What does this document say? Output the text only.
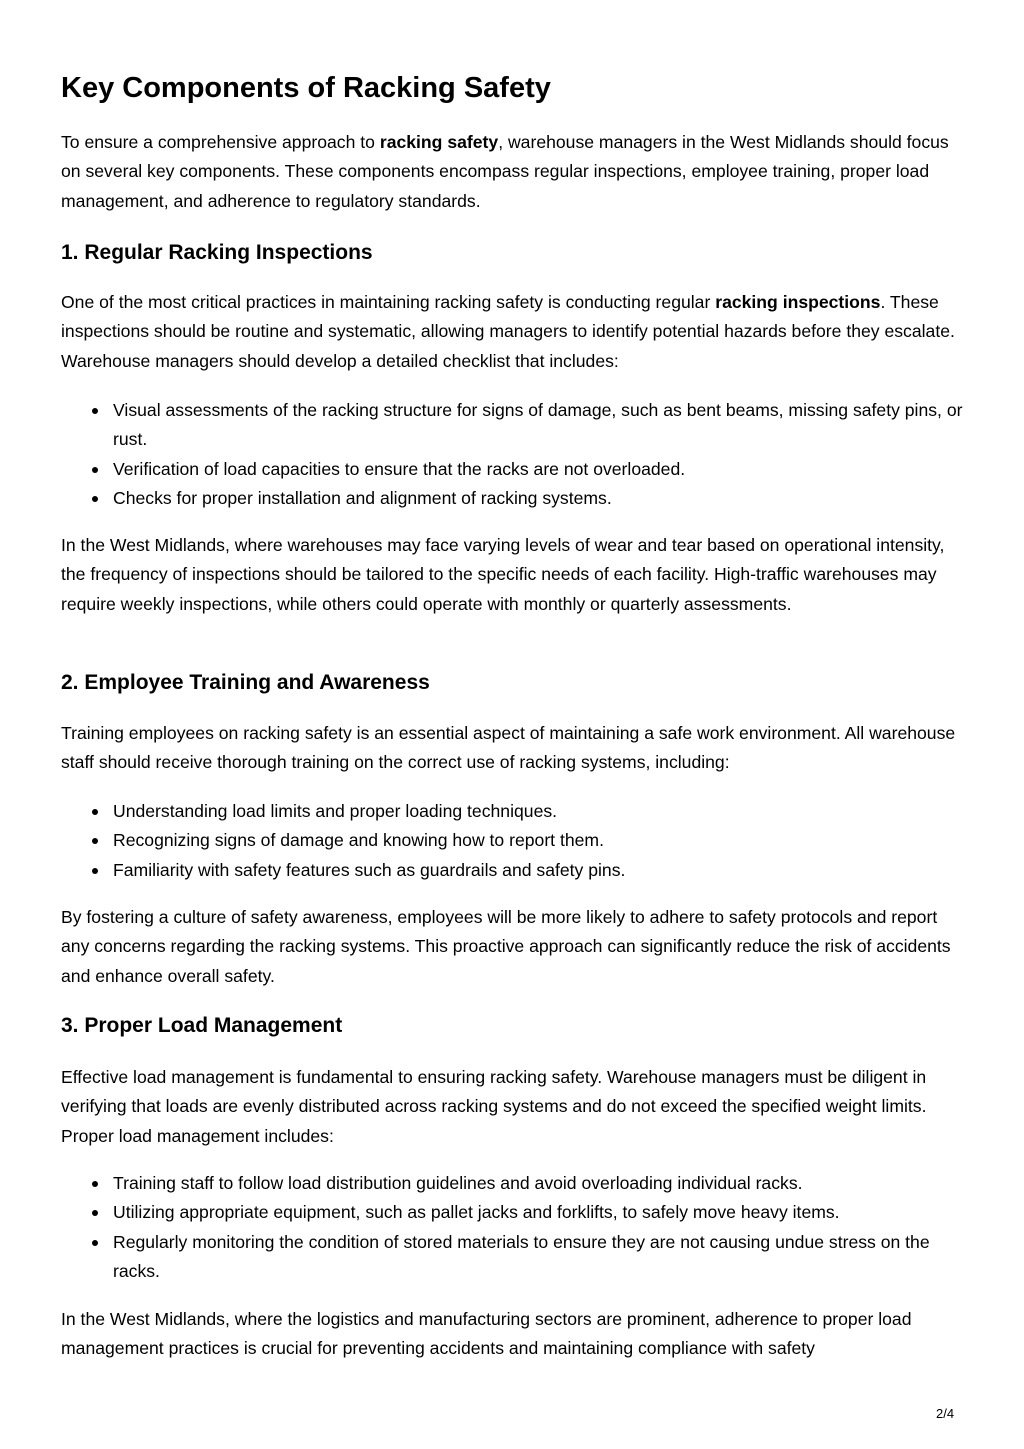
Key Components of Racking Safety

To ensure a comprehensive approach to racking safety, warehouse managers in the West Midlands should focus on several key components. These components encompass regular inspections, employee training, proper load management, and adherence to regulatory standards.

1. Regular Racking Inspections

One of the most critical practices in maintaining racking safety is conducting regular racking inspections. These inspections should be routine and systematic, allowing managers to identify potential hazards before they escalate. Warehouse managers should develop a detailed checklist that includes:

Visual assessments of the racking structure for signs of damage, such as bent beams, missing safety pins, or rust.
Verification of load capacities to ensure that the racks are not overloaded.
Checks for proper installation and alignment of racking systems.

In the West Midlands, where warehouses may face varying levels of wear and tear based on operational intensity, the frequency of inspections should be tailored to the specific needs of each facility. High-traffic warehouses may require weekly inspections, while others could operate with monthly or quarterly assessments.

2. Employee Training and Awareness

Training employees on racking safety is an essential aspect of maintaining a safe work environment. All warehouse staff should receive thorough training on the correct use of racking systems, including:

Understanding load limits and proper loading techniques.
Recognizing signs of damage and knowing how to report them.
Familiarity with safety features such as guardrails and safety pins.

By fostering a culture of safety awareness, employees will be more likely to adhere to safety protocols and report any concerns regarding the racking systems. This proactive approach can significantly reduce the risk of accidents and enhance overall safety.

3. Proper Load Management

Effective load management is fundamental to ensuring racking safety. Warehouse managers must be diligent in verifying that loads are evenly distributed across racking systems and do not exceed the specified weight limits. Proper load management includes:

Training staff to follow load distribution guidelines and avoid overloading individual racks.
Utilizing appropriate equipment, such as pallet jacks and forklifts, to safely move heavy items.
Regularly monitoring the condition of stored materials to ensure they are not causing undue stress on the racks.

In the West Midlands, where the logistics and manufacturing sectors are prominent, adherence to proper load management practices is crucial for preventing accidents and maintaining compliance with safety

2/4
